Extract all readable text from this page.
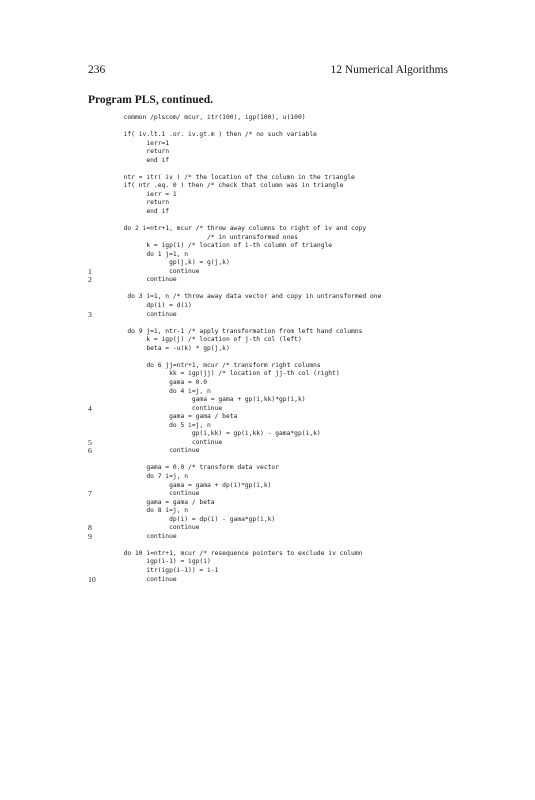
236	12 Numerical Algorithms
Program PLS, continued.
common /plscom/ mcur, itr(100), igp(100), u(100)
if( iv.lt.1 .or. iv.gt.m ) then /* no such variable
ierr=1
return
end if
ntr = itr( iv ) /* the location of the column in the triangle
if( ntr .eq. 0 ) then /* check that column was in triangle
ierr = 1
return
end if
do 2 i=ntr+1, mcur /* throw away columns to right of iv and copy
/* in untransformed ones
k = igp(i) /* location of i-th column of triangle
do 1 j=1, n
gp(j,k) = g(j,k)
1	continue
2	continue
do 3 i=1, n /* throw away data vector and copy in untransformed one
dp(i) = d(i)
3	continue
do 9 j=1, ntr-1 /* apply transformation from left hand columns
k = igp(j) /* location of j-th col (left)
beta = -u(k) * gp(j,k)
do 6 jj=ntr+1, mcur /* transform right columns
kk = igp(jj) /* location of jj-th col (right)
gama = 0.0
do 4 i=j, n
gama = gama + gp(i,kk)*gp(i,k)
4	continue
gama = gama / beta
do 5 i=j, n
gp(i,kk) = gp(i,kk) - gama*gp(i,k)
5	continue
6	continue
gama = 0.0 /* transform data vector
do 7 i=j, n
gama = gama + dp(i)*gp(i,k)
7	continue
gama = gama / beta
do 8 i=j, n
dp(i) = dp(i) - gama*gp(i,k)
8	continue
9	continue
do 10 i=ntr+1, mcur /* resequence pointers to exclude iv column
igp(i-1) = igp(i)
itr(igp(i-1)) = i-1
10	continue
